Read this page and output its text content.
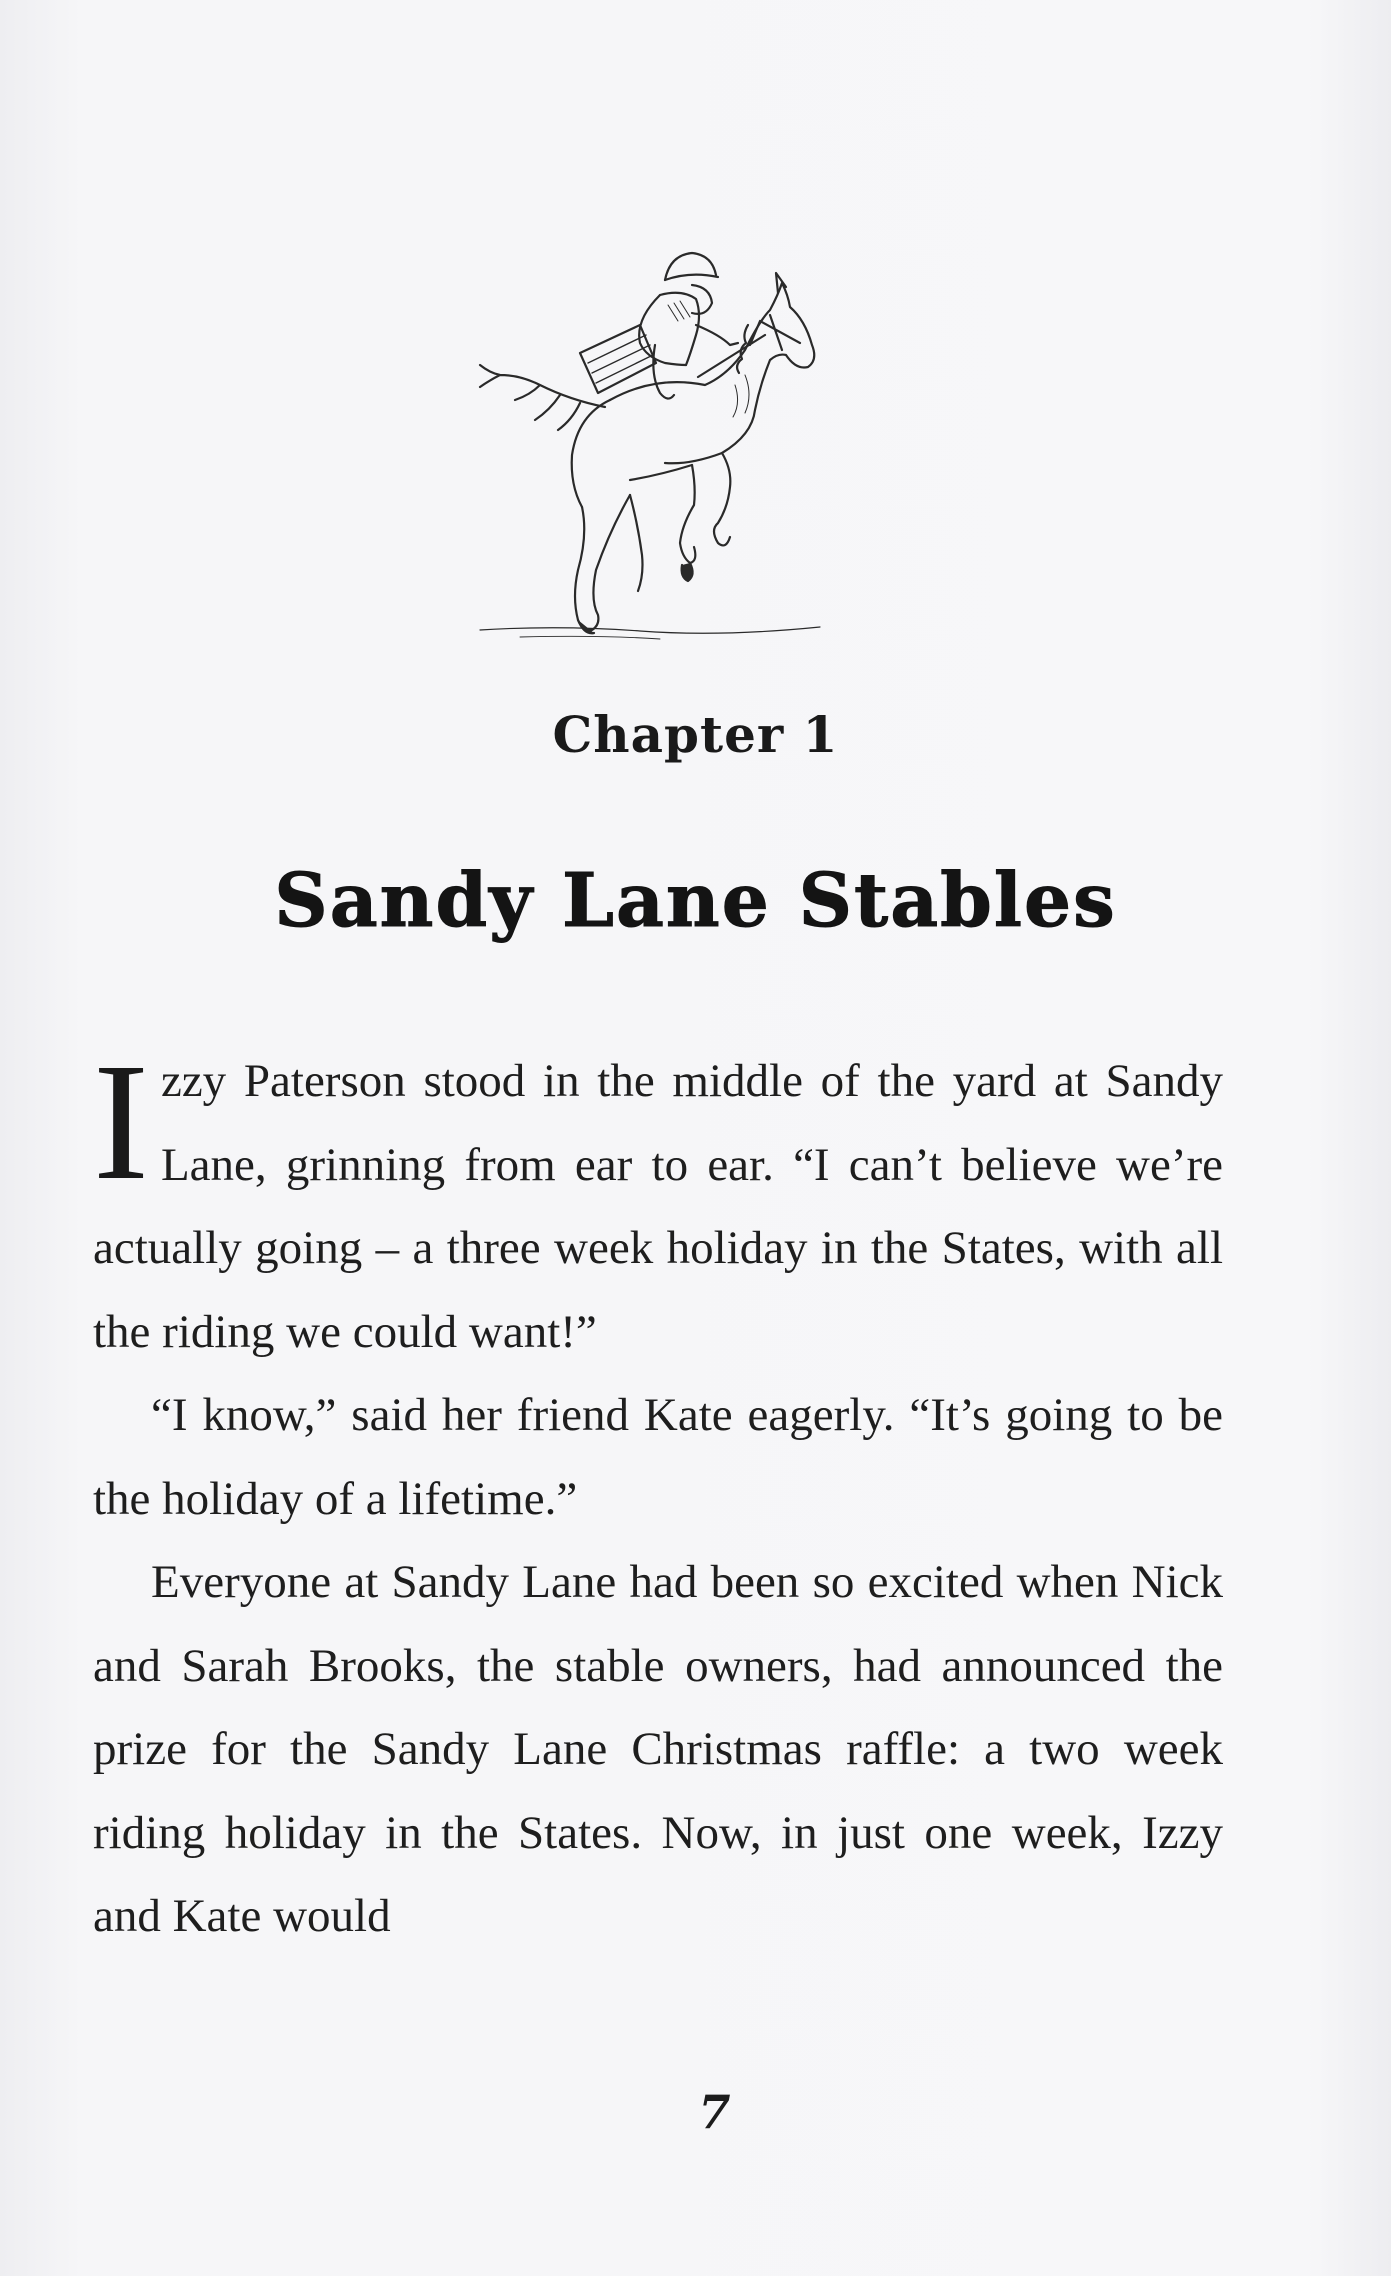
Chapter 1
Sandy Lane Stables

Izzy Paterson stood in the middle of the yard at Sandy Lane, grinning from ear to ear. “I can’t believe we’re actually going – a three week holiday in the States, with all the riding we could want!”

“I know,” said her friend Kate eagerly. “It’s going to be the holiday of a lifetime.”

Everyone at Sandy Lane had been so excited when Nick and Sarah Brooks, the stable owners, had announced the prize for the Sandy Lane Christmas raffle: a two week riding holiday in the States. Now, in just one week, Izzy and Kate would

7
